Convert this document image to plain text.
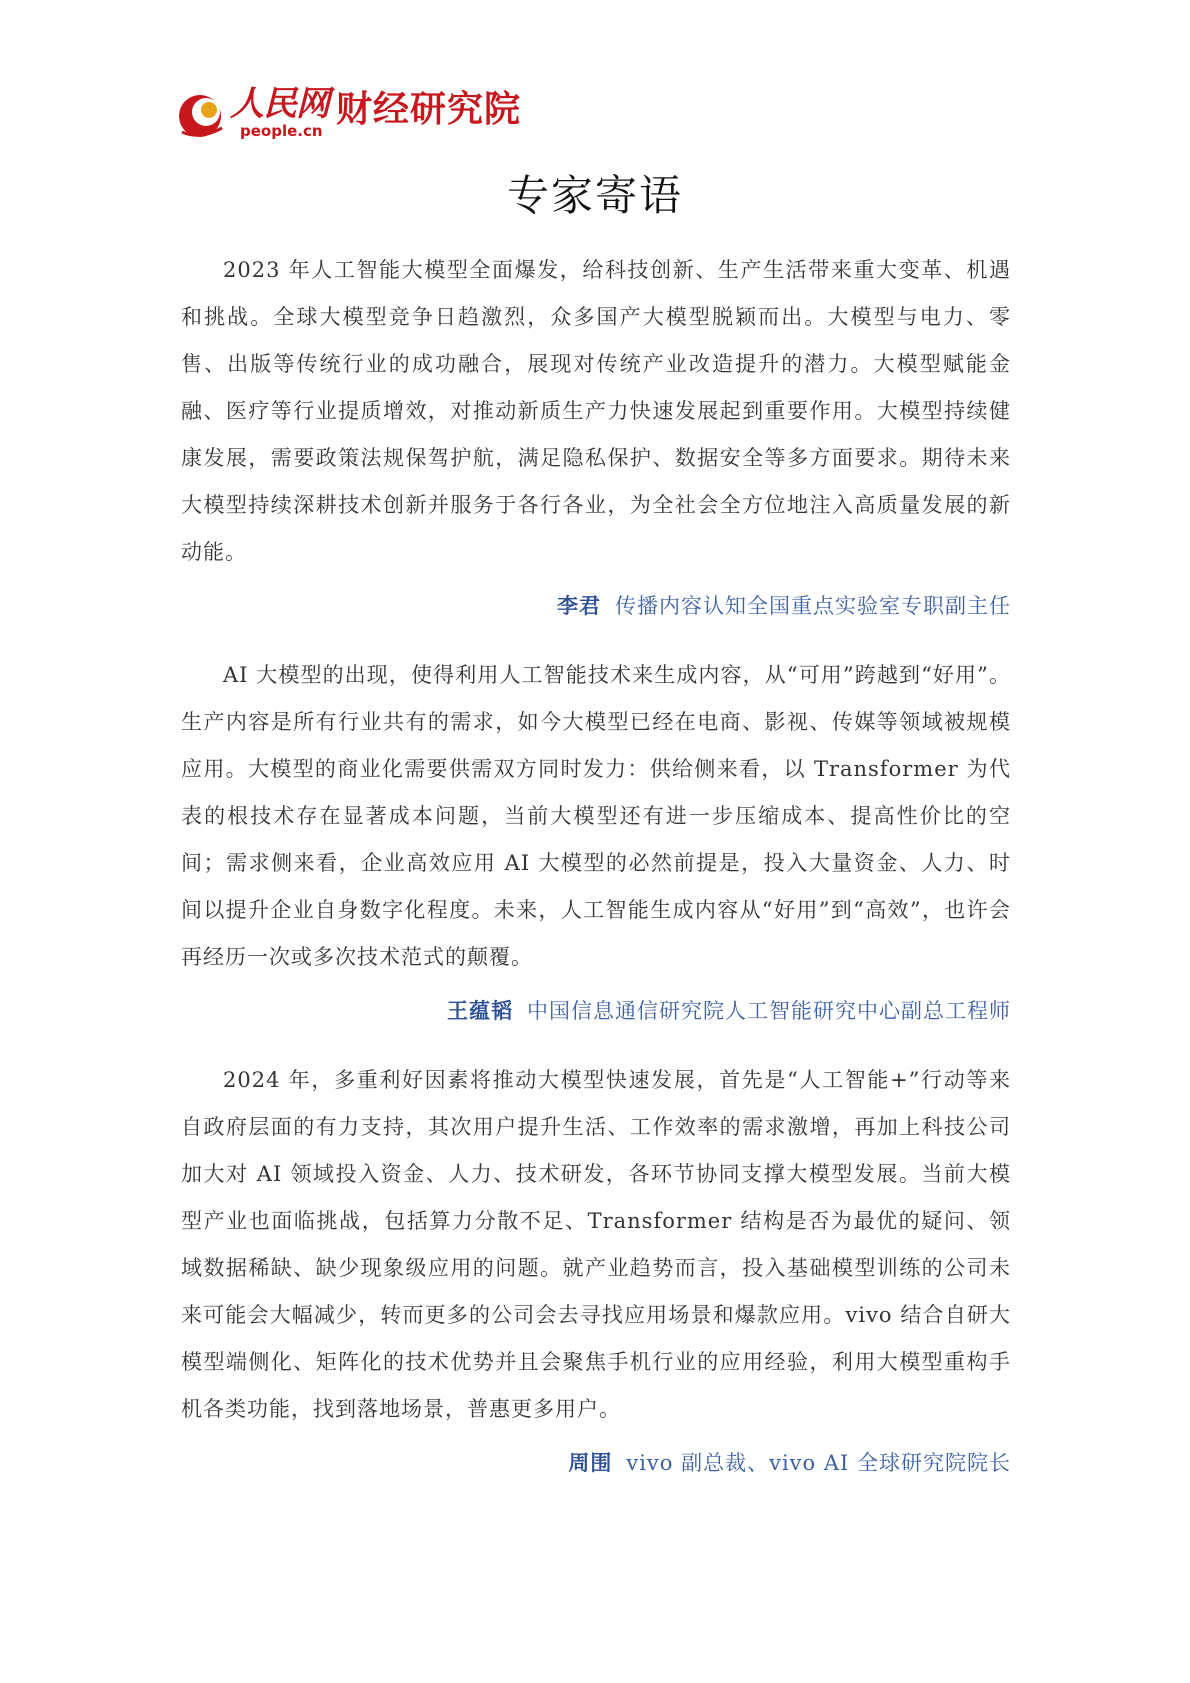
人民网
people.cn
财经研究院
专家寄语

2023 年人工智能大模型全面爆发，给科技创新、生产生活带来重大变革、机遇和挑战。全球大模型竞争日趋激烈，众多国产大模型脱颖而出。大模型与电力、零售、出版等传统行业的成功融合，展现对传统产业改造提升的潜力。大模型赋能金融、医疗等行业提质增效，对推动新质生产力快速发展起到重要作用。大模型持续健康发展，需要政策法规保驾护航，满足隐私保护、数据安全等多方面要求。期待未来大模型持续深耕技术创新并服务于各行各业，为全社会全方位地注入高质量发展的新动能。

李君 传播内容认知全国重点实验室专职副主任

AI 大模型的出现，使得利用人工智能技术来生成内容，从“可用”跨越到“好用”。生产内容是所有行业共有的需求，如今大模型已经在电商、影视、传媒等领域被规模应用。大模型的商业化需要供需双方同时发力：供给侧来看，以 Transformer 为代表的根技术存在显著成本问题，当前大模型还有进一步压缩成本、提高性价比的空间；需求侧来看，企业高效应用 AI 大模型的必然前提是，投入大量资金、人力、时间以提升企业自身数字化程度。未来，人工智能生成内容从“好用”到“高效”，也许会再经历一次或多次技术范式的颠覆。

王蕴韬 中国信息通信研究院人工智能研究中心副总工程师

2024 年，多重利好因素将推动大模型快速发展，首先是“人工智能+”行动等来自政府层面的有力支持，其次用户提升生活、工作效率的需求激增，再加上科技公司加大对 AI 领域投入资金、人力、技术研发，各环节协同支撑大模型发展。当前大模型产业也面临挑战，包括算力分散不足、Transformer 结构是否为最优的疑问、领域数据稀缺、缺少现象级应用的问题。就产业趋势而言，投入基础模型训练的公司未来可能会大幅减少，转而更多的公司会去寻找应用场景和爆款应用。vivo 结合自研大模型端侧化、矩阵化的技术优势并且会聚焦手机行业的应用经验，利用大模型重构手机各类功能，找到落地场景，普惠更多用户。

周围 vivo 副总裁、vivo AI 全球研究院院长
